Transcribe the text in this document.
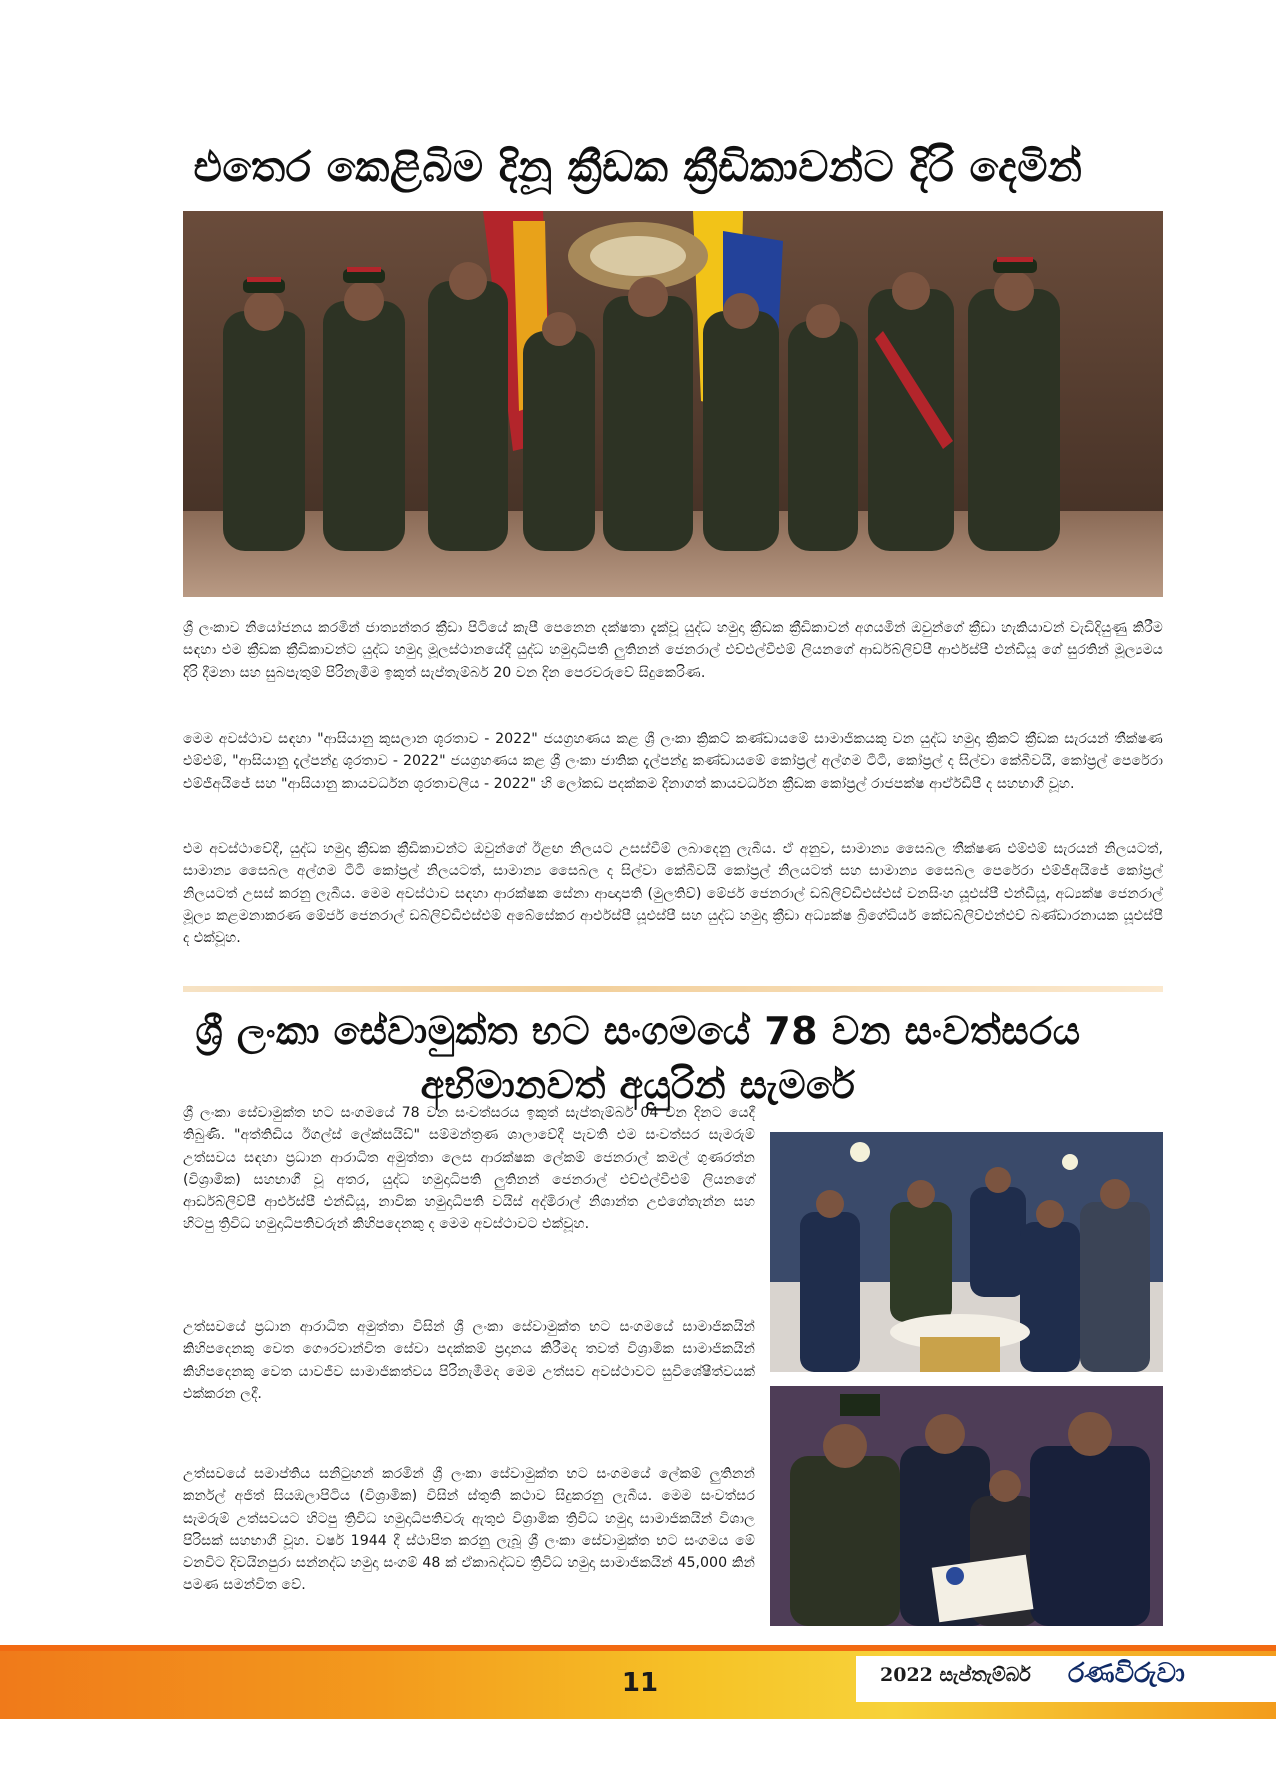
එතෙර කෙළිබිම දිනූ ක්‍රීඩක ක්‍රීඩිකාවන්ට දිරි දෙමින්

ශ්‍රී ලංකාව නියෝජනය කරමින් ජාත්‍යන්තර ක්‍රීඩා පිටියේ කැපී පෙනෙන දක්ෂතා දැක්වූ යුද්ධ හමුදා ක්‍රීඩක ක්‍රීඩිකාවන් අගයමින් ඔවුන්ගේ ක්‍රීඩා හැකියාවන් වැඩිදියුණු කිරීම සඳහා එම ක්‍රීඩක ක්‍රීඩිකාවන්ට යුද්ධ හමුදා මූලස්ථානයේදී යුද්ධ හමුදාධිපති ලුතිනන් ජෙනරාල් එච්එල්වීඑම් ලියනගේ ආර්ඩබ්ලිව්පී ආර්එස්පී එන්ඩීයූ ගේ සුරතින් මූල්‍යමය දිරි දීමනා සහ සුබපැතුම් පිරිනැමීම ඉකුත් සැප්තැම්බර් 20 වන දින පෙරවරුවේ සිදුකෙරිණ.

මෙම අවස්ථාව සඳහා "ආසියානු කුසලාන ශූරතාව - 2022" ජයග්‍රහණය කළ ශ්‍රී ලංකා ක්‍රිකට් කණ්ඩායමේ සාමාජිකයකු වන යුද්ධ හමුදා ක්‍රිකට් ක්‍රීඩක සැරයන් තීක්ෂණ එම්එම්, "ආසියානු දැල්පන්දු ශූරතාව - 2022" ජයග්‍රහණය කළ ශ්‍රී ලංකා ජාතික දැල්පන්දු කණ්ඩායමේ කෝප්‍රල් අල්ගම ටීටී, කෝප්‍රල් ද සිල්වා කේබීවයි, කෝප්‍රල් පෙරේරා එම්ජීඅයිජේ සහ "ආසියානු කායවර්ධන ශූරතාවලිය - 2022" හි ලෝකඩ පදක්කම දිනාගත් කායවර්ධන ක්‍රීඩක කෝප්‍රල් රාජපක්ෂ ආර්ඒඩීපී ද සහභාගී වූහ.

එම අවස්ථාවේදී, යුද්ධ හමුදා ක්‍රීඩක ක්‍රීඩිකාවන්ට ඔවුන්ගේ ඊළඟ නිලයට උසස්වීම් ලබාදෙනු ලැබීය. ඒ අනුව, සාමාන්‍ය සෛබල තීක්ෂණ එම්එම් සැරයන් නිලයටත්, සාමාන්‍ය සෛබල අල්ගම ටීටී කෝප්‍රල් නිලයටත්, සාමාන්‍ය සෛබල ද සිල්වා කේබීවයි කෝප්‍රල් නිලයටත් සහ සාමාන්‍ය සෛබල පෙරේරා එම්ජීඅයිජේ කෝප්‍රල් නිලයටත් උසස් කරනු ලැබීය. මෙම අවස්ථාව සඳහා ආරක්ෂක සේනා ආඥාපති (මුලතිව්) මේජර් ජෙනරාල් ඩබ්ලිව්ඩීඑස්එස් වනසිංහ යූඑස්පී එන්ඩීයූ, අධ්‍යක්ෂ ජෙනරාල් මූල්‍ය කළමනාකරණ මේජර් ජෙනරාල් ඩබ්ලිව්ඩීඑස්එම් අබේසේකර ආර්එස්පී යූඑස්පී සහ යුද්ධ හමුදා ක්‍රීඩා අධ්‍යක්ෂ බ්‍රිගේඩියර් කේඩබ්ලිව්එන්එච් බණ්ඩාරනායක යූඑස්පී ද එක්වූහ.

ශ්‍රී ලංකා සේවාමුක්ත භට සංගමයේ 78 වන සංවත්සරය
අභිමානවත් අයුරින් සැමරේ

ශ්‍රී ලංකා සේවාමුක්ත භට සංගමයේ 78 වන සංවත්සරය ඉකුත් සැප්තැම්බර් 04 වන දිනට යෙදී තිබුණි. "අත්තිඩිය ඊගල්ස් ලේක්සයිඩ්" සම්මන්ත්‍රණ ශාලාවේදී පැවති එම සංවත්සර සැමරුම් උත්සවය සඳහා ප්‍රධාන ආරාධිත අමුත්තා ලෙස ආරක්ෂක ලේකම් ජෙනරාල් කමල් ගුණරත්න (විශ්‍රාමික) සහභාගී වූ අතර, යුද්ධ හමුදාධිපති ලුතිනන් ජෙනරාල් එච්එල්වීඑම් ලියනගේ ආර්ඩබ්ලිව්පී ආර්එස්පී එන්ඩීයූ, නාවික හමුදාධිපති වයිස් අද්මිරාල් නිශාන්ත උළුගේතැන්න සහ හිටපු ත්‍රිවිධ හමුදාධිපතිවරුන් කිහිපදෙනකු ද මෙම අවස්ථාවට එක්වූහ.

උත්සවයේ ප්‍රධාන ආරාධිත අමුත්තා විසින් ශ්‍රී ලංකා සේවාමුක්ත භට සංගමයේ සාමාජිකයින් කිහිපදෙනකු වෙත ගෞරවාන්විත සේවා පදක්කම් ප්‍රදානය කිරීමද තවත් විශ්‍රාමික සාමාජිකයින් කිහිපදෙනකු වෙත යාවජීව සාමාජිකත්වය පිරිනැමීමද මෙම උත්සව අවස්ථාවට සුවිශේෂීත්වයක් එක්කරන ලදී.

උත්සවයේ සමාප්තිය සනිටුහන් කරමින් ශ්‍රී ලංකා සේවාමුක්ත භට සංගමයේ ලේකම් ලුතිනන් කර්නල් අජිත් සියඹලාපිටිය (විශ්‍රාමික) විසින් ස්තුති කථාව සිදුකරනු ලැබීය. මෙම සංවත්සර සැමරුම් උත්සවයට හිටපු ත්‍රිවිධ හමුදාධිපතිවරු ඇතුළු විශ්‍රාමික ත්‍රිවිධ හමුදා සාමාජිකයින් විශාල පිරිසක් සහභාගී වූහ. වර්ෂ 1944 දී ස්ථාපිත කරනු ලැබූ ශ්‍රී ලංකා සේවාමුක්ත භට සංගමය මේ වනවිට දිවයිනපුරා සන්නද්ධ හමුදා සංගම් 48 ක් ඒකාබද්ධව ත්‍රිවිධ හමුදා සාමාජිකයින් 45,000 කින් පමණ සමන්විත වේ.

11	2022 සැප්තැම්බර් රණවිරුවා
